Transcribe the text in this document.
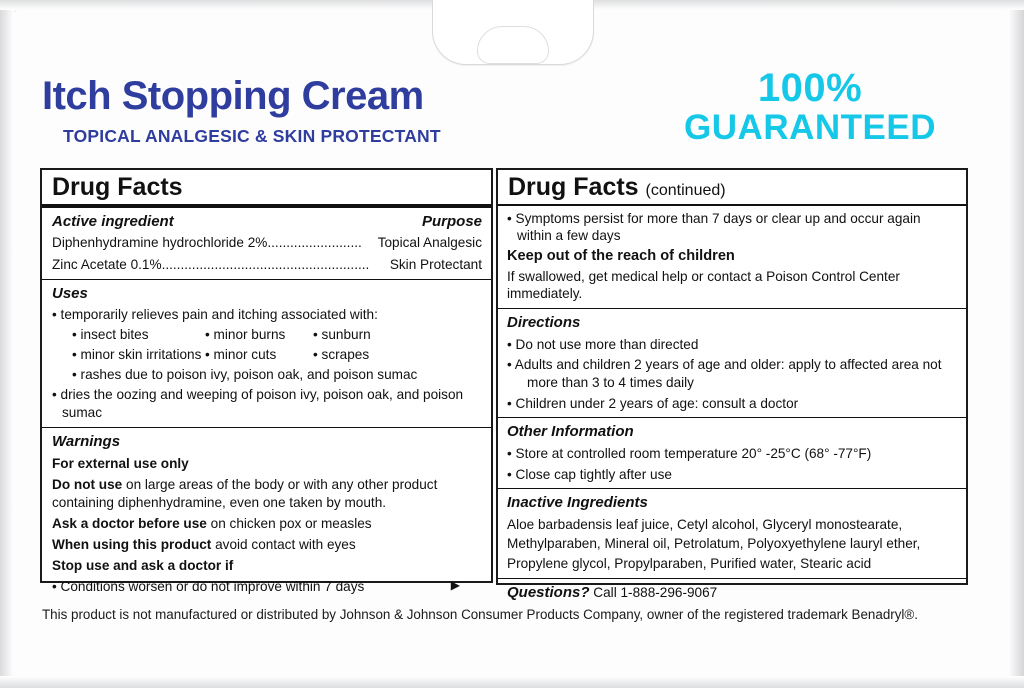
Itch Stopping Cream
TOPICAL ANALGESIC & SKIN PROTECTANT
100%
GUARANTEED
Drug Facts
Active ingredient	Purpose
Diphenhydramine hydrochloride 2% .........................	Topical Analgesic
Zinc Acetate 0.1% .......................................................	Skin Protectant
Uses
• temporarily relieves pain and itching associated with:
• insect bites	• minor burns	• sunburn
• minor skin irritations • minor cuts	• scrapes
• rashes due to poison ivy, poison oak, and poison sumac
• dries the oozing and weeping of poison ivy, poison oak, and poison sumac
Warnings
For external use only
Do not use on large areas of the body or with any other product containing diphenhydramine, even one taken by mouth.
Ask a doctor before use on chicken pox or measles
When using this product avoid contact with eyes
Stop use and ask a doctor if
▶
• Conditions worsen or do not improve within 7 days
Drug Facts (continued)
• Symptoms persist for more than 7 days or clear up and occur again
within a few days
Keep out of the reach of children
If swallowed, get medical help or contact a Poison Control Center
immediately.
Directions
• Do not use more than directed
• Adults and children 2 years of age and older: apply to affected area not
more than 3 to 4 times daily
• Children under 2 years of age: consult a doctor
Other Information
• Store at controlled room temperature 20° -25°C (68° -77°F)
• Close cap tightly after use
Inactive Ingredients
Aloe barbadensis leaf juice, Cetyl alcohol, Glyceryl monostearate,
Methylparaben, Mineral oil, Petrolatum, Polyoxyethylene lauryl ether,
Propylene glycol, Propylparaben, Purified water, Stearic acid
Questions? Call 1-888-296-9067
This product is not manufactured or distributed by Johnson & Johnson Consumer Products Company, owner of the registered trademark Benadryl®.
